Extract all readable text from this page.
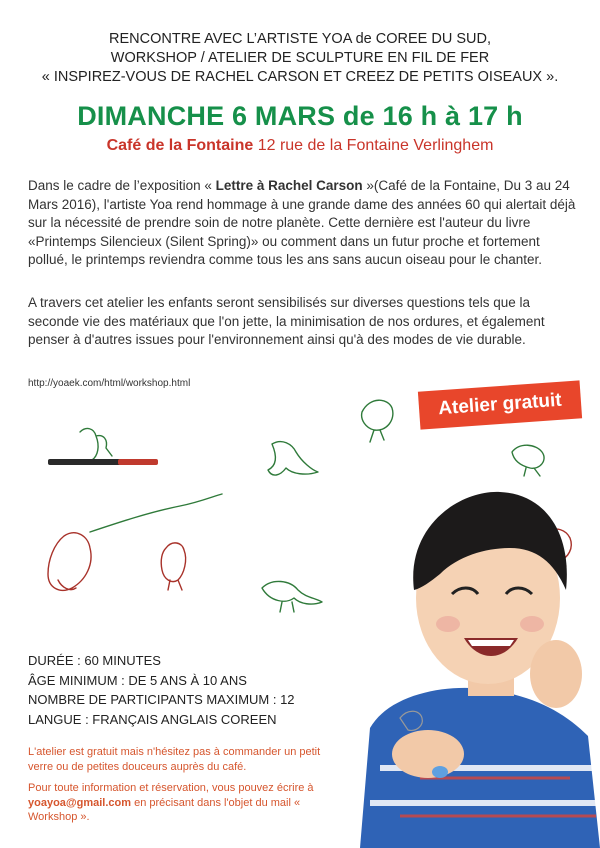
RENCONTRE AVEC L’ARTISTE YOA de COREE DU SUD,
WORKSHOP / ATELIER DE SCULPTURE EN FIL DE FER
« INSPIREZ-VOUS DE RACHEL CARSON ET CREEZ DE PETITS OISEAUX ».
DIMANCHE 6 MARS de 16 h à 17 h
Café de la Fontaine 12 rue de la Fontaine Verlinghem
Dans le cadre de l’exposition « Lettre à Rachel Carson »(Café de la Fontaine, Du 3 au 24 Mars 2016), l'artiste Yoa rend hommage à une grande dame des années 60 qui alertait déjà sur la nécessité de prendre soin de notre planète. Cette dernière est l'auteur du livre «Printemps Silencieux (Silent Spring)» ou comment dans un futur proche et fortement pollué, le printemps reviendra comme tous les ans sans aucun oiseau pour le chanter.
A travers cet atelier les enfants seront sensibilisés sur diverses questions tels que la seconde vie des matériaux que l'on jette, la minimisation de nos ordures, et également penser à d'autres issues pour l'environnement ainsi qu'à des modes de vie durable.
http://yoaek.com/html/workshop.html
Atelier gratuit
DURÉE : 60 MINUTES
ÂGE MINIMUM : DE 5 ANS À 10 ANS
NOMBRE DE PARTICIPANTS MAXIMUM : 12
LANGUE : FRANÇAIS ANGLAIS COREEN
L'atelier est gratuit mais n'hésitez pas à commander un petit verre ou de petites douceurs auprès du café.
Pour toute information et réservation, vous pouvez écrire à yoayoa@gmail.com en précisant dans l'objet du mail « Workshop ».
